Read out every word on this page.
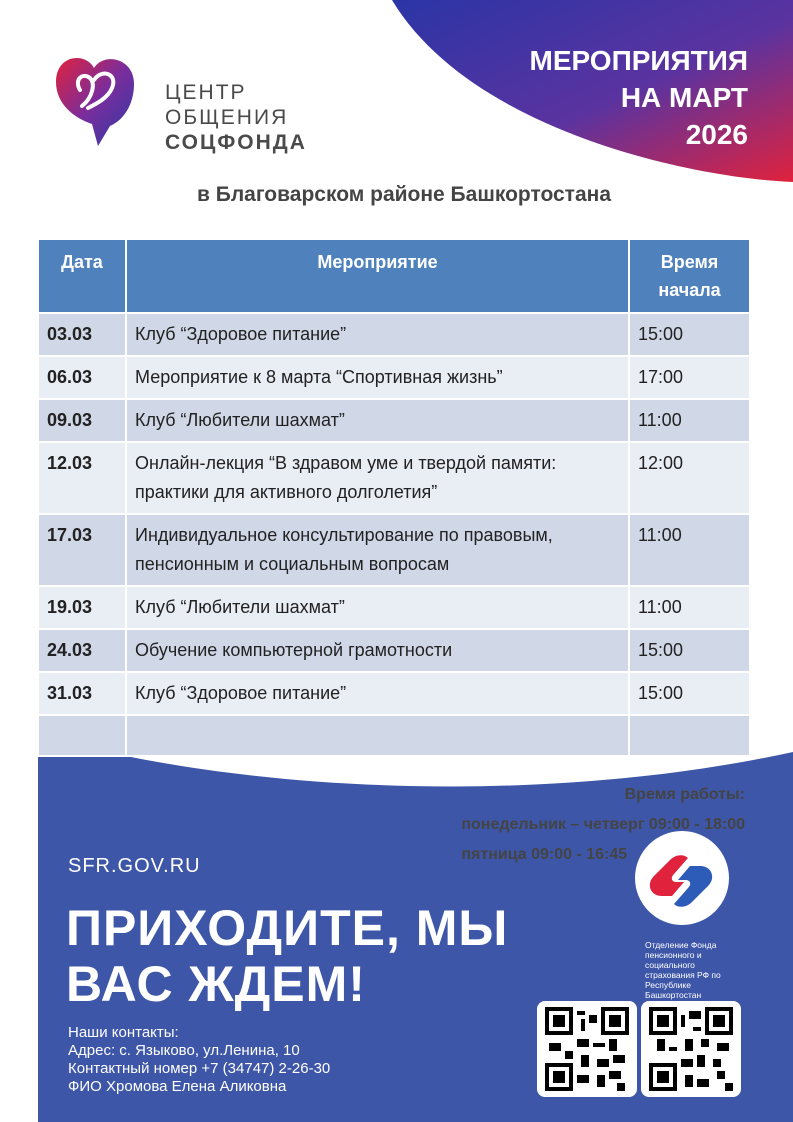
ЦЕНТР
ОБЩЕНИЯ
СОЦФОНДА
МЕРОПРИЯТИЯ
НА МАРТ
2026
в Благоварском районе Башкортостана
Дата	Мероприятие	Время начала
03.03	Клуб “Здоровое питание”	15:00
06.03	Мероприятие к 8 марта “Спортивная жизнь”	17:00
09.03	Клуб “Любители шахмат”	11:00
12.03	Онлайн-лекция “В здравом уме и твердой памяти: практики для активного долголетия”	12:00
17.03	Индивидуальное консультирование по правовым, пенсионным и социальным вопросам	11:00
19.03	Клуб “Любители шахмат”	11:00
24.03	Обучение компьютерной грамотности	15:00
31.03	Клуб “Здоровое питание”	15:00

Время работы:
понедельник – четверг 09:00 - 18:00
пятница 09:00 - 16:45
SFR.GOV.RU
ПРИХОДИТЕ, МЫ
ВАС ЖДЕМ!
Наши контакты:
Адрес: с. Языково, ул.Ленина, 10
Контактный номер +7 (34747) 2-26-30
ФИО Хромова Елена Аликовна
Отделение Фонда пенсионного и социального страхования РФ по Республике Башкортостан
